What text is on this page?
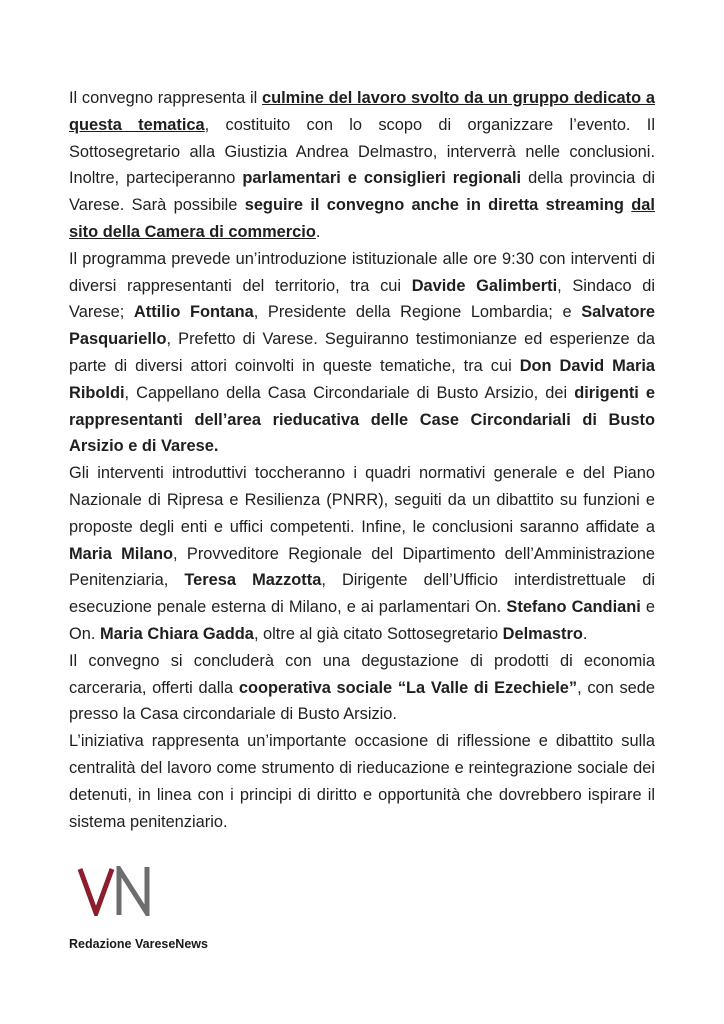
Il convegno rappresenta il culmine del lavoro svolto da un gruppo dedicato a questa tematica, costituito con lo scopo di organizzare l’evento. Il Sottosegretario alla Giustizia Andrea Delmastro, interverrà nelle conclusioni. Inoltre, parteciperanno parlamentari e consiglieri regionali della provincia di Varese. Sarà possibile seguire il convegno anche in diretta streaming dal sito della Camera di commercio.

Il programma prevede un’introduzione istituzionale alle ore 9:30 con interventi di diversi rappresentanti del territorio, tra cui Davide Galimberti, Sindaco di Varese; Attilio Fontana, Presidente della Regione Lombardia; e Salvatore Pasquariello, Prefetto di Varese. Seguiranno testimonianze ed esperienze da parte di diversi attori coinvolti in queste tematiche, tra cui Don David Maria Riboldi, Cappellano della Casa Circondariale di Busto Arsizio, dei dirigenti e rappresentanti dell’area rieducativa delle Case Circondariali di Busto Arsizio e di Varese.

Gli interventi introduttivi toccheranno i quadri normativi generale e del Piano Nazionale di Ripresa e Resilienza (PNRR), seguiti da un dibattito su funzioni e proposte degli enti e uffici competenti. Infine, le conclusioni saranno affidate a Maria Milano, Provveditore Regionale del Dipartimento dell’Amministrazione Penitenziaria, Teresa Mazzotta, Dirigente dell’Ufficio interdistrettuale di esecuzione penale esterna di Milano, e ai parlamentari On. Stefano Candiani e On. Maria Chiara Gadda, oltre al già citato Sottosegretario Delmastro.

Il convegno si concluderà con una degustazione di prodotti di economia carceraria, offerti dalla cooperativa sociale “La Valle di Ezechiele”, con sede presso la Casa circondariale di Busto Arsizio.

L’iniziativa rappresenta un’importante occasione di riflessione e dibattito sulla centralità del lavoro come strumento di rieducazione e reintegrazione sociale dei detenuti, in linea con i principi di diritto e opportunità che dovrebbero ispirare il sistema penitenziario.

Redazione VareseNews
